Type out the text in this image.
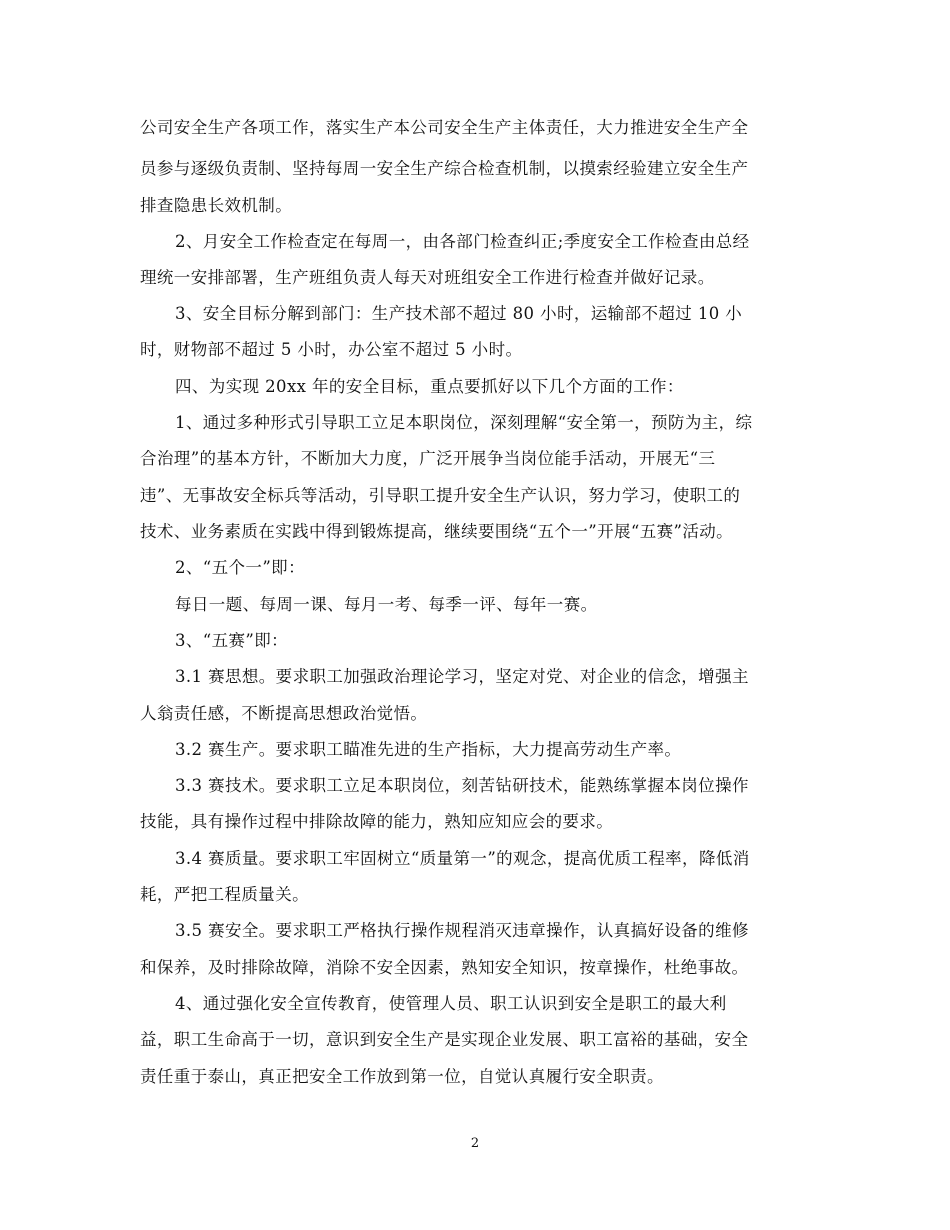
公司安全生产各项工作，落实生产本公司安全生产主体责任，大力推进安全生产全
员参与逐级负责制、坚持每周一安全生产综合检查机制，以摸索经验建立安全生产
排查隐患长效机制。
2、月安全工作检查定在每周一，由各部门检查纠正;季度安全工作检查由总经
理统一安排部署，生产班组负责人每天对班组安全工作进行检查并做好记录。
3、安全目标分解到部门：生产技术部不超过 80 小时，运输部不超过 10 小
时，财物部不超过 5 小时，办公室不超过 5 小时。
四、为实现 20xx 年的安全目标，重点要抓好以下几个方面的工作：
1、通过多种形式引导职工立足本职岗位，深刻理解“安全第一，预防为主，综
合治理”的基本方针，不断加大力度，广泛开展争当岗位能手活动，开展无“三
违”、无事故安全标兵等活动，引导职工提升安全生产认识，努力学习，使职工的
技术、业务素质在实践中得到锻炼提高，继续要围绕“五个一”开展“五赛”活动。
2、“五个一”即：
每日一题、每周一课、每月一考、每季一评、每年一赛。
3、“五赛”即：
3.1 赛思想。要求职工加强政治理论学习，坚定对党、对企业的信念，增强主
人翁责任感，不断提高思想政治觉悟。
3.2 赛生产。要求职工瞄准先进的生产指标，大力提高劳动生产率。
3.3 赛技术。要求职工立足本职岗位，刻苦钻研技术，能熟练掌握本岗位操作
技能，具有操作过程中排除故障的能力，熟知应知应会的要求。
3.4 赛质量。要求职工牢固树立“质量第一”的观念，提高优质工程率，降低消
耗，严把工程质量关。
3.5 赛安全。要求职工严格执行操作规程消灭违章操作，认真搞好设备的维修
和保养，及时排除故障，消除不安全因素，熟知安全知识，按章操作，杜绝事故。
4、通过强化安全宣传教育，使管理人员、职工认识到安全是职工的最大利
益，职工生命高于一切，意识到安全生产是实现企业发展、职工富裕的基础，安全
责任重于泰山，真正把安全工作放到第一位，自觉认真履行安全职责。
2
